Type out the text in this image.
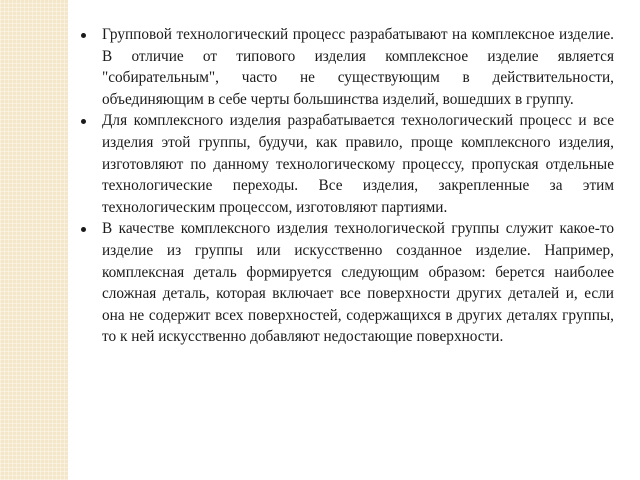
Групповой технологический процесс разрабатывают на комплексное изделие. В отличие от типового изделия комплексное изделие является "собирательным", часто не существующим в действительности, объединяющим в себе черты большинства изделий, вошедших в группу.
Для комплексного изделия разрабатывается технологический процесс и все изделия этой группы, будучи, как правило, проще комплексного изделия, изготовляют по данному технологическому процессу, пропуская отдельные технологические переходы. Все изделия, закрепленные за этим технологическим процессом, изготовляют партиями.
В качестве комплексного изделия технологической группы служит какое-то изделие из группы или искусственно созданное изделие. Например, комплексная деталь формируется следующим образом: берется наиболее сложная деталь, которая включает все поверхности других деталей и, если она не содержит всех поверхностей, содержащихся в других деталях группы, то к ней искусственно добавляют недостающие поверхности.
